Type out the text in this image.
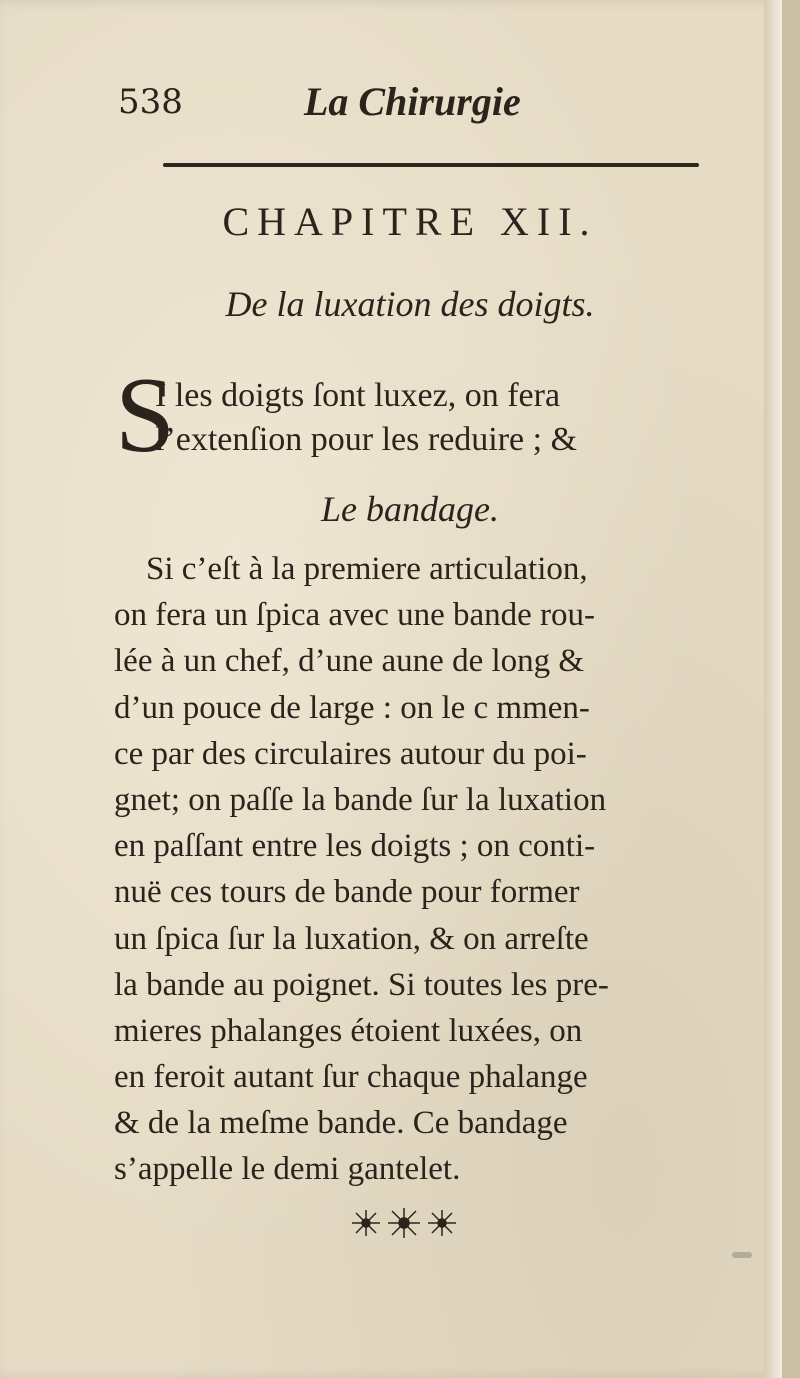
538	La Chirurgie
CHAPITRE XII.
De la luxation des doigts.
S
I les doigts ſont luxez, on fera
l’extenſion pour les reduire ; &
Le bandage.
Si c’eſt à la premiere articulation,
on fera un ſpica avec une bande rou-
lée à un chef, d’une aune de long &
d’un pouce de large : on le c mmen-
ce par des circulaires autour du poi-
gnet; on paſſe la bande ſur la luxation
en paſſant entre les doigts ; on conti-
nuë ces tours de bande pour former
un ſpica ſur la luxation, & on arreſte
la bande au poignet. Si toutes les pre-
mieres phalanges étoient luxées, on
en feroit autant ſur chaque phalange
& de la meſme bande. Ce bandage
s’appelle le demi gantelet.
